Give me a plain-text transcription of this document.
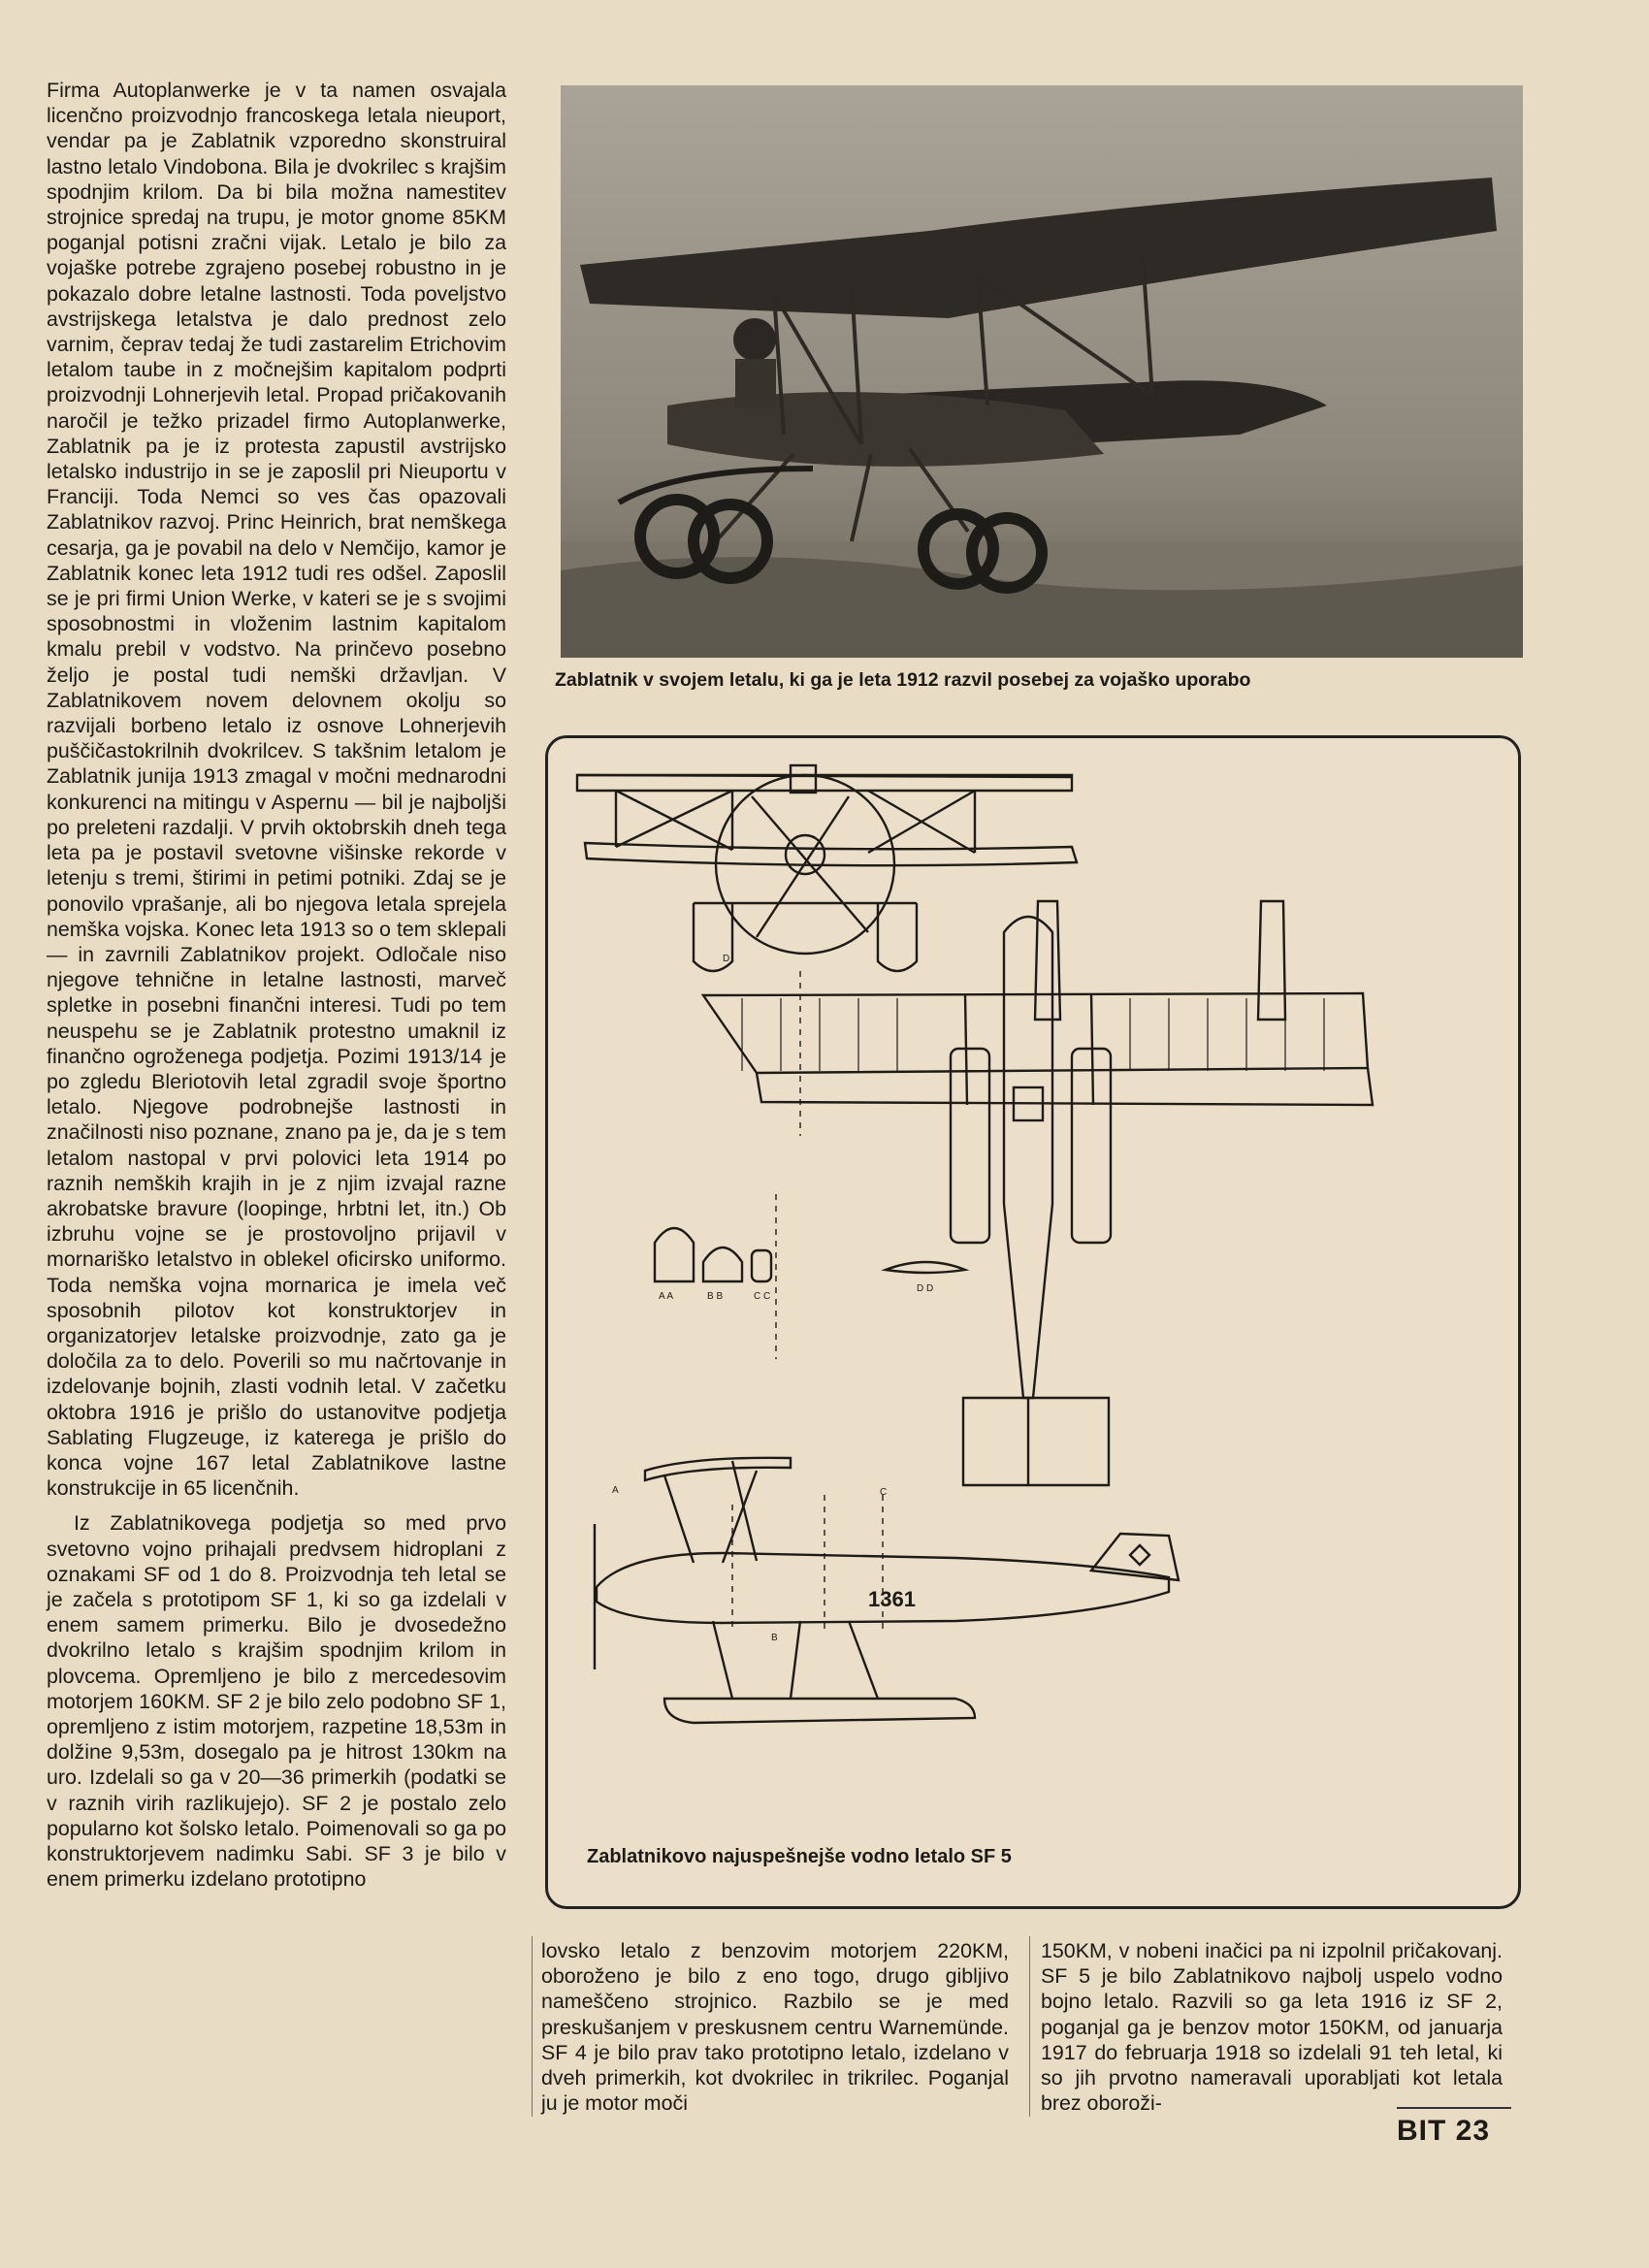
Firma Autoplanwerke je v ta namen osvajala licenčno proizvodnjo francoskega letala nieuport, vendar pa je Zablatnik vzporedno skonstruiral lastno letalo Vindobona. Bila je dvokrilec s krajšim spodnjim krilom. Da bi bila možna namestitev strojnice spredaj na trupu, je motor gnome 85KM poganjal potisni zračni vijak. Letalo je bilo za vojaške potrebe zgrajeno posebej robustno in je pokazalo dobre letalne lastnosti. Toda poveljstvo avstrijskega letalstva je dalo prednost zelo varnim, čeprav tedaj že tudi zastarelim Etrichovim letalom taube in z močnejšim kapitalom podprti proizvodnji Lohnerjevih letal. Propad pričakovanih naročil je težko prizadel firmo Autoplanwerke, Zablatnik pa je iz protesta zapustil avstrijsko letalsko industrijo in se je zaposlil pri Nieuportu v Franciji. Toda Nemci so ves čas opazovali Zablatnikov razvoj. Princ Heinrich, brat nemškega cesarja, ga je povabil na delo v Nemčijo, kamor je Zablatnik konec leta 1912 tudi res odšel. Zaposlil se je pri firmi Union Werke, v kateri se je s svojimi sposobnostmi in vloženim lastnim kapitalom kmalu prebil v vodstvo. Na prinčevo posebno željo je postal tudi nemški državljan. V Zablatnikovem novem delovnem okolju so razvijali borbeno letalo iz osnove Lohnerjevih puščičastokrilnih dvokrilcev. S takšnim letalom je Zablatnik junija 1913 zmagal v močni mednarodni konkurenci na mitingu v Aspernu — bil je najboljši po preleteni razdalji. V prvih oktobrskih dneh tega leta pa je postavil svetovne višinske rekorde v letenju s tremi, štirimi in petimi potniki. Zdaj se je ponovilo vprašanje, ali bo njegova letala sprejela nemška vojska. Konec leta 1913 so o tem sklepali — in zavrnili Zablatnikov projekt. Odločale niso njegove tehnične in letalne lastnosti, marveč spletke in posebni finančni interesi. Tudi po tem neuspehu se je Zablatnik protestno umaknil iz finančno ogroženega podjetja. Pozimi 1913/14 je po zgledu Bleriotovih letal zgradil svoje športno letalo. Njegove podrobnejše lastnosti in značilnosti niso poznane, znano pa je, da je s tem letalom nastopal v prvi polovici leta 1914 po raznih nemških krajih in je z njim izvajal razne akrobatske bravure (loopinge, hrbtni let, itn.) Ob izbruhu vojne se je prostovoljno prijavil v mornariško letalstvo in oblekel oficirsko uniformo. Toda nemška vojna mornarica je imela več sposobnih pilotov kot konstruktorjev in organizatorjev letalske proizvodnje, zato ga je določila za to delo. Poverili so mu načrtovanje in izdelovanje bojnih, zlasti vodnih letal. V začetku oktobra 1916 je prišlo do ustanovitve podjetja Sablating Flugzeuge, iz katerega je prišlo do konca vojne 167 letal Zablatnikove lastne konstrukcije in 65 licenčnih.

Iz Zablatnikovega podjetja so med prvo svetovno vojno prihajali predvsem hidroplani z oznakami SF od 1 do 8. Proizvodnja teh letal se je začela s prototipom SF 1, ki so ga izdelali v enem samem primerku. Bilo je dvosedežno dvokrilno letalo s krajšim spodnjim krilom in plovcema. Opremljeno je bilo z mercedesovim motorjem 160KM. SF 2 je bilo zelo podobno SF 1, opremljeno z istim motorjem, razpetine 18,53m in dolžine 9,53m, dosegalo pa je hitrost 130km na uro. Izdelali so ga v 20—36 primerkih (podatki se v raznih virih razlikujejo). SF 2 je postalo zelo popularno kot šolsko letalo. Poimenovali so ga po konstruktorjevem nadimku Sabi. SF 3 je bilo v enem primerku izdelano prototipno

lovsko letalo z benzovim motorjem 220KM, oboroženo je bilo z eno togo, drugo gibljivo nameščeno strojnico. Razbilo se je med preskušanjem v preskusnem centru Warnemünde. SF 4 je bilo prav tako prototipno letalo, izdelano v dveh primerkih, kot dvokrilec in trikrilec. Poganjal ju je motor moči

150KM, v nobeni inačici pa ni izpolnil pričakovanj. SF 5 je bilo Zablatnikovo najbolj uspelo vodno bojno letalo. Razvili so ga leta 1916 iz SF 2, poganjal ga je benzov motor 150KM, od januarja 1917 do februarja 1918 so izdelali 91 teh letal, ki so jih prvotno nameravali uporabljati kot letala brez oboroži-

Zablatnik v svojem letalu, ki ga je leta 1912 razvil posebej za vojaško uporabo
A A	B B	C C
D D
A
B
C
D
1361
Zablatnikovo najuspešnejše vodno letalo SF 5
BIT 23
